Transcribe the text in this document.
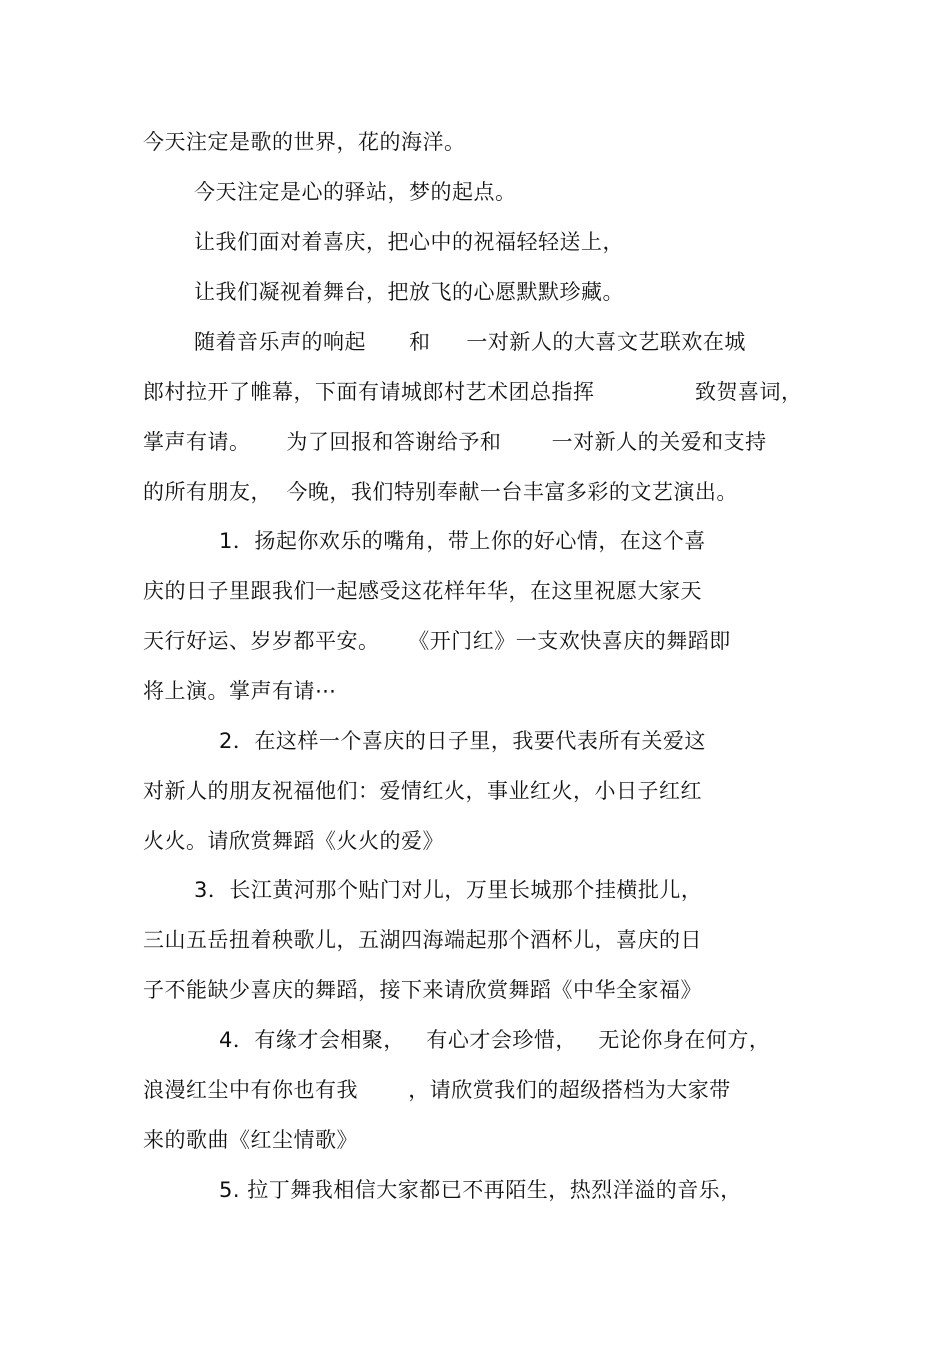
今天注定是歌的世界，花的海洋。
今天注定是心的驿站，梦的起点。
让我们面对着喜庆，把心中的祝福轻轻送上，
让我们凝视着舞台，把放飞的心愿默默珍藏。
随着音乐声的响起      和     一对新人的大喜文艺联欢在城
郎村拉开了帷幕，下面有请城郎村艺术团总指挥              致贺喜词，
掌声有请。     为了回报和答谢给予和       一对新人的关爱和支持
的所有朋友，  今晚，我们特别奉献一台丰富多彩的文艺演出。
1．扬起你欢乐的嘴角，带上你的好心情，在这个喜
庆的日子里跟我们一起感受这花样年华，在这里祝愿大家天
天行好运、岁岁都平安。    《开门红》一支欢快喜庆的舞蹈即
将上演。掌声有请⋯
2．在这样一个喜庆的日子里，我要代表所有关爱这
对新人的朋友祝福他们：爱情红火，事业红火，小日子红红
火火。请欣赏舞蹈《火火的爱》
3．长江黄河那个贴门对儿，万里长城那个挂横批儿，
三山五岳扭着秧歌儿，五湖四海端起那个酒杯儿，喜庆的日
子不能缺少喜庆的舞蹈，接下来请欣赏舞蹈《中华全家福》
4．有缘才会相聚，   有心才会珍惜，   无论你身在何方，
浪漫红尘中有你也有我       ，请欣赏我们的超级搭档为大家带
来的歌曲《红尘情歌》
5. 拉丁舞我相信大家都已不再陌生，热烈洋溢的音乐，
